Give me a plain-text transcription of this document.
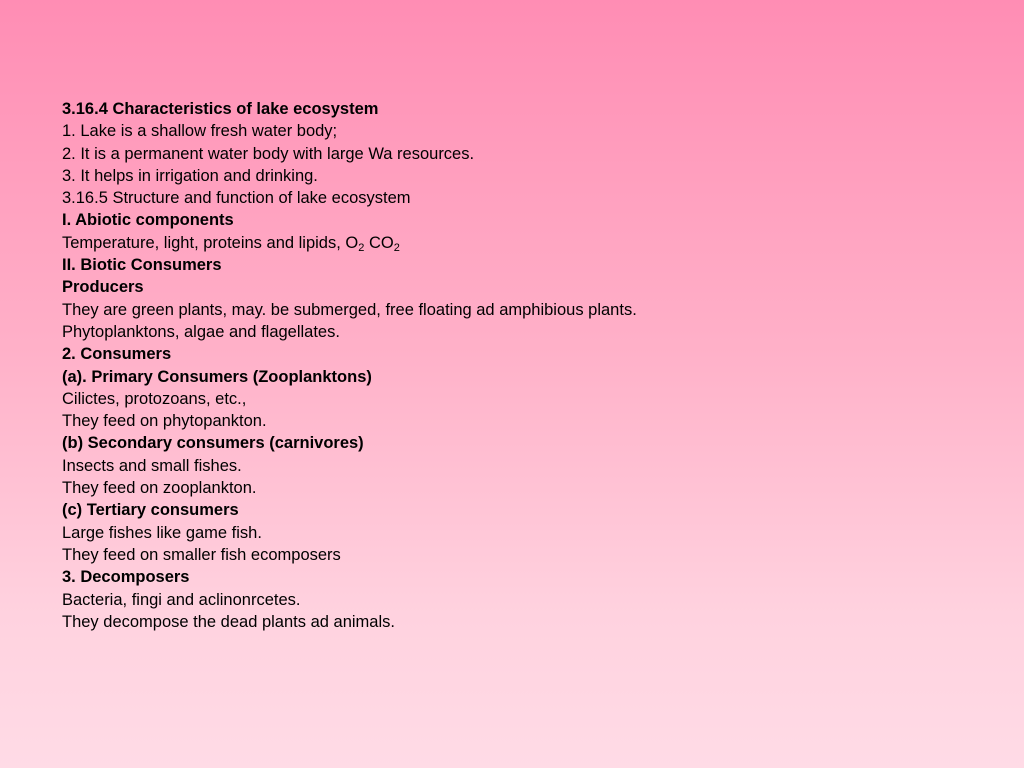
3.16.4 Characteristics of lake ecosystem
1. Lake is a shallow fresh water body;
2. It is a permanent water body with large Wa resources.
3. It helps in irrigation and drinking.
3.16.5 Structure and function of lake ecosystem
I. Abiotic components
Temperature, light, proteins and lipids, $O_2$ $CO_2$
II. Biotic Consumers
Producers
They are green plants, may. be submerged, free floating ad amphibious plants.
Phytoplanktons, algae and flagellates.
2. Consumers
(a). Primary Consumers (Zooplanktons)
Cilictes, protozoans, etc.,
They feed on phytopankton.
(b) Secondary consumers (carnivores)
Insects and small fishes.
They feed on zooplankton.
(c) Tertiary consumers
Large fishes like game fish.
They feed on smaller fish ecomposers
3. Decomposers
Bacteria, fingi and aclinonrcetes.
They decompose the dead plants ad animals.
